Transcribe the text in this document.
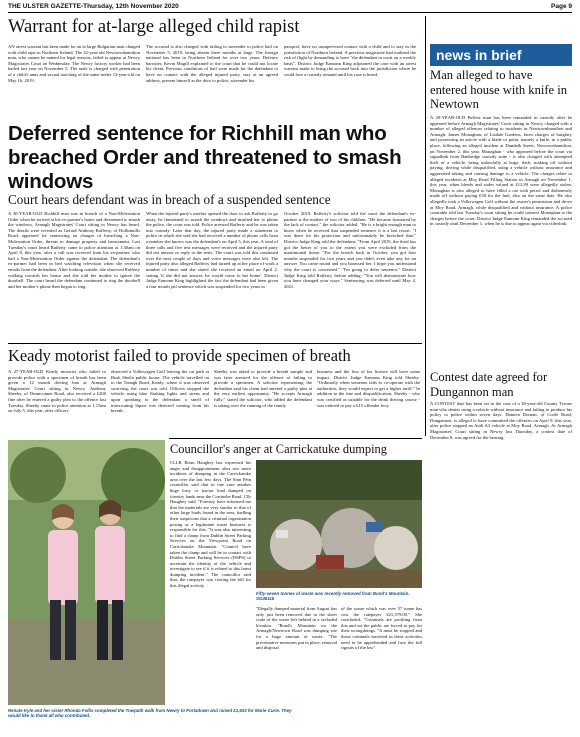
THE ULSTER GAZETTE-Thursday, 12th November 2020	Page 9
Warrant for at-large alleged child rapist
AN arrest warrant has been made for an at large Bulgarian man charged with child rape in Northern Ireland. The 32-year-old Newtownhamilton man, who cannot be named for legal reasons, failed to appear at Newry Magistrates Court on Wednesday. The Newry factory worker had been bailed last year on November 5. The male is charged with penetration of a child's anus and sexual touching of the same under 13-year-old on May 16, 2019.
The accused is also charged with failing to surrender to police bail on November 5, 2019, being absent three months at large. The foreign national has been in Northern Ireland for over two years. Defence barrister, Kevin Magill explained to the court that he could not locate his client. Previous conditions of bail were made for the defendant to have no contact with the alleged injured party, stay at an agreed address, present himself at the door to police, surrender his
passport, have no unsupervised contact with a child and to stay in the jurisdiction of Northern Ireland. A previous magistrate had outlined the risk of flight by demanding to have "the defendant in court on a weekly basis". District Judge Eamonn King adjourned the case with an arrest warrant made to bring the accused back into the jurisdiction where he could face a custody remand until his case is heard.
Deferred sentence for Richhill man who breached Order and threatened to smash windows
Court hears defendant was in breach of a suspended sentence
A 30-YEAR-OLD Richhill man was in breach of a Non-Molestation Order when he arrived at his ex-partner's home and threatened to smash the windows, Armagh Magistrates' Court sitting in Newry has heard. The details were revealed as Gerard Anthony Rafferty, of Hollinmills Road, appeared for sentencing on charges of breaching a Non-Molestation Order, threats to damage property and harassment. Last Tuesday's court heard Rafferty came to police attention at 1.30am on April 8, this year, after a call was received from his ex-partner, who had a Non-Molestation Order against the defendant. The defendant's ex-partner had been in bed watching television when she received emails from the defendant. After looking outside, she observed Rafferty walking towards her house and she told her mother to ignore the doorbell. The court heard the defendant continued to ring the doorbell and her mother's phone then began to ring.
When the injured party's mother opened the door to ask Rafferty to go away, he threatened to smash the windows and insulted her to phone the police, the court was told. Police arrested Rafferty and he was taken into custody. Later that day, the injured party made a statement to police in which she said she had received a number of phone calls from a number she knows was the defendant's on April 5, this year. A total of three calls and five text messages were received and the injured party did not answer or reply to the texts. The court was told this continued over the next couple of days and voice messages were also left. The injured party also alleged Rafferty had turned up at her place of work a number of times and she stated she received an email on April 2, stating 'if she did not answer, he would come to her home'. District Judge Eamonn King highlighted the fact the defendant had been given a four month jail sentence which was suspended for two years in
October 2019. Rafferty's solicitor told the court the defendant's ex-partner is the mother of two of his children. "He became frustrated by the lack of contact," the solicitor added. "He is a bright enough man to know when he received that suspended sentence it is a last resort. "I was there for his protection and unfortunately he breached that." District Judge King told the defendant: "From April 2019, the third has got the better of you to the extent you were excluded from the matrimonial home. "For the breach back in October, you got four months suspended for two years and you didn't even take any for an answer. You came round and you harassed her. I hope you understand why the court is concerned." "I'm going to defer sentence," District Judge King told Rafferty, before adding: "You will demonstrate how you have changed your ways." Sentencing was deferred until May 4, 2021.
Keady motorist failed to provide specimen of breath
A 27-YEAR-OLD Keady motorist who failed to provide police with a specimen of breath has been given a 12 month driving ban at Armagh Magistrates' Court sitting in Newry. Anthony Sheehy, of Drumconnet Road, also received a £200 fine after he entered a guilty plea to the offence last Tuesday. Sheehy came to police attention at 1.15am on July 5, this year, after officers
observed a Volkswagen Golf leaving the car park at Bush Sheila public house. The vehicle travelled on to the Tonagh Road, Keady, where it was observed swerving, the court was told. Officers stopped the vehicle using blue flashing lights and sirens and upon speaking to the defendant a smell of intoxicating liquor was detected coming from his breath.
Sheehy was asked to provide a breath sample and was later arrested for the offence of failing to provide a specimen. A solicitor representing the defendant said his client had entered a guilty plea at the very earliest opportunity. "He accepts Armagh fully," stated the solicitor, who added the defendant is taking over the running of the family
business and the loss of his licence will have some impact. District Judge Eamonn King told Sheehy: "Ordinarily when someone fails to co-operate with the authorities, they would expect to get a higher tariff." In addition to the fine and disqualification, Sheehy - who was certified as suitable for the drink driving course - was ordered to pay a £15 offender levy.
Renate Kyle and her sister Rhonda Follis completed the Towpath walk from Newry to Portadown and raised £1,633 for Marie Curie. They would like to thank all who contributed.
Councillor's anger at Carrickatuke dumping
CLLR Brian Haughey has expressed his anger and disappointment after two more incidents of dumping in the Carrickatuke area over the last few days. The Sinn Féin councillor said that in one case another huge lorry or tractor load dumped on forestry lands near the Corrinshe Road. Cllr Haughey said, "Forestry have informed me that the materials are very similar to that of other large loads found in the area, fuelling their suspicions that a criminal organisation posing as a legitimate waste business is responsible for this. "It was also interesting to find a clamp from Dublin Street Parking Services on the Viewpoint Road on Carrickatuke Mountain. "Council have taken the clamp and will be in contact with Dublin Street Parking Services (DSPS) to ascertain the identity of the vehicle and investigate to see if it is related to this latest dumping incident." The councillor said that, the ratepayer was footing the bill for this illegal activity.
Fifty-seven tonnes of waste was recently removed from Bond's Mountain. SG46115
"Illegally dumped material from August has only just been removed due to the sheer scale of the waste left behind in a secluded location. "Bond's Mountain on the Armagh/Newtown Road was dumping site for a huge amount of waste. "The preventative measures put in place, removal and disposal
of the waste which was over 57 tonne has cost the ratepayer £21,379.00." She concluded, "Criminals are profiting from this and we the public are forced to pay for their wrongdoings. "It must be stopped and those criminals involved in these activities need to be apprehended and face the full rigours of the law".
news in brief
Man alleged to have entered house with knife in Newtown
A 30-YEAR-OLD Belfast man has been remanded in custody after he appeared before Armagh Magistrates' Court sitting in Newry charged with a number of alleged offences relating to incidents in Newtownhamilton and Armagh. James Monaghan, of Lisdale Gardens, faces charges of burglary and possessing an article with a blade or point, namely a knife, in a public place, following an alleged incident at Dundalk Street, Newtownhamilton, on November 2, this year. Monaghan - who appeared before the court via signallink from Banbridge custody suite - is also charged with attempted theft of a vehicle, being unlawfully at large, theft, making off without paying, driving while disqualified, using a vehicle without insurance and aggravated taking and causing damage to a vehicle. The charges relate to alleged incidents at Moy Road Filling Station in Armagh on November 1, this year, when bleeds and stales valued at £12.99 were allegedly stolen. Monaghan is also alleged to have filled a car with petrol and dishonestly made off without paying £58 for the fuel, also on the same date. He also allegedly took a Volkswagen Golf without the owner's permission and drove at Moy Road, Armagh, while disqualified and without insurance. A police constable told last Tuesday's court sitting he could connect Monaghan to the charges before the court. District Judge Eamonn King remanded the accused in custody until December 1, when he is due to appear again via videolink.
Contest date agreed for Dungannon man
A CONTEST date has been set in the case of a 36-year-old County Tyrone man who denies using a vehicle without insurance and failing to produce his policy to police within seven days. Damien Dornan, of Coole Road, Dungannon, is alleged to have committed the offences on April 9, this year, after police stopped an Audi A3 vehicle at Moy Road, Armagh. At Armagh Magistrates' Court sitting in Newry last Thursday, a contest date of December 8, was agreed for the hearing.
